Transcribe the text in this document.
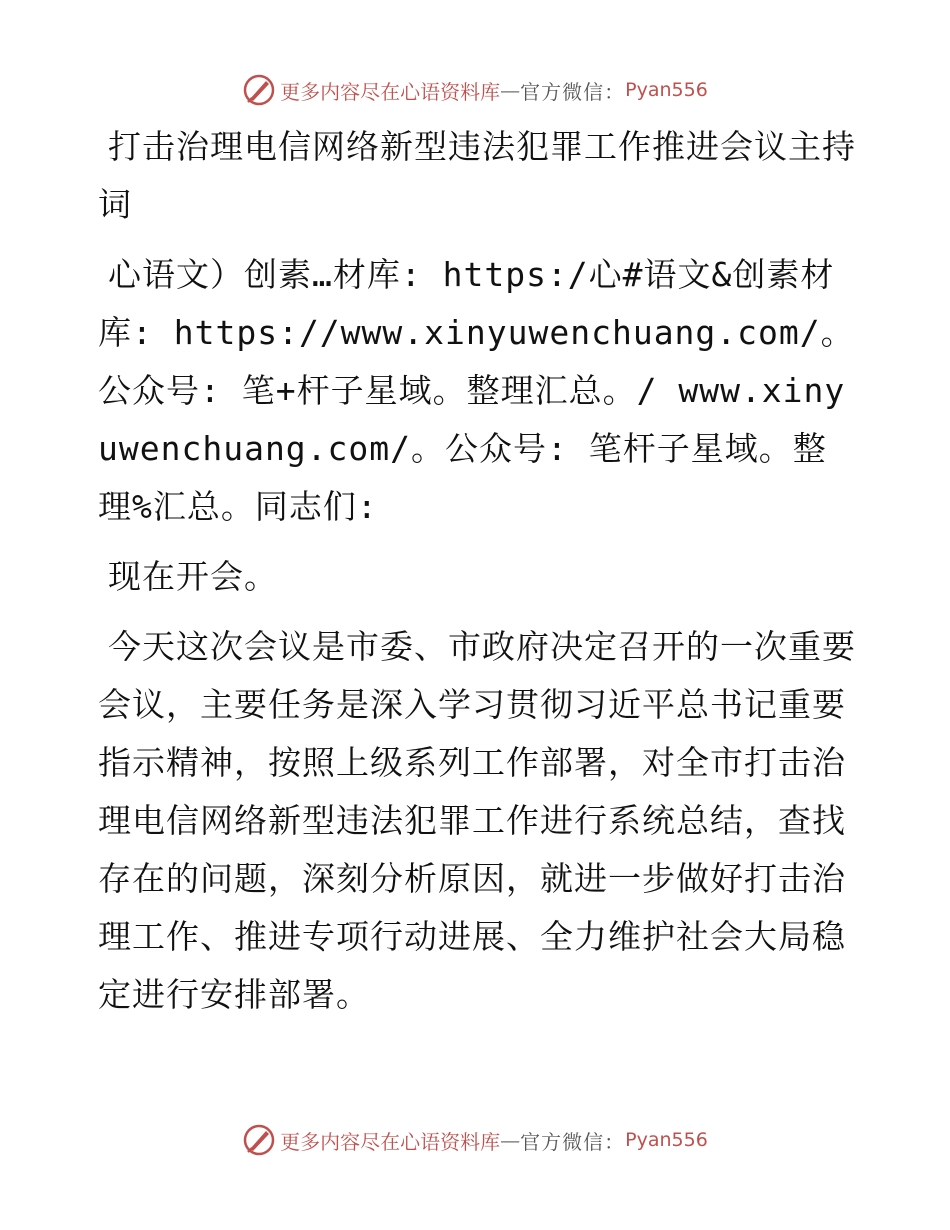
更多内容尽在心语资料库 — 官方微信： Pyan556
打击治理电信网络新型违法犯罪工作推进会议主持词

心语文）创素…材库: https:/心#语文&创素材库: https://www.xinyuwenchuang.com/。公众号: 笔+杆子星域。整理汇总。/ www.xinyuwenchuang.com/。公众号: 笔杆子星域。整理%汇总。同志们:

现在开会。

今天这次会议是市委、市政府决定召开的一次重要会议，主要任务是深入学习贯彻习近平总书记重要指示精神，按照上级系列工作部署，对全市打击治理电信网络新型违法犯罪工作进行系统总结，查找存在的问题，深刻分析原因，就进一步做好打击治理工作、推进专项行动进展、全力维护社会大局稳定进行安排部署。

更多内容尽在心语资料库 — 官方微信： Pyan556
